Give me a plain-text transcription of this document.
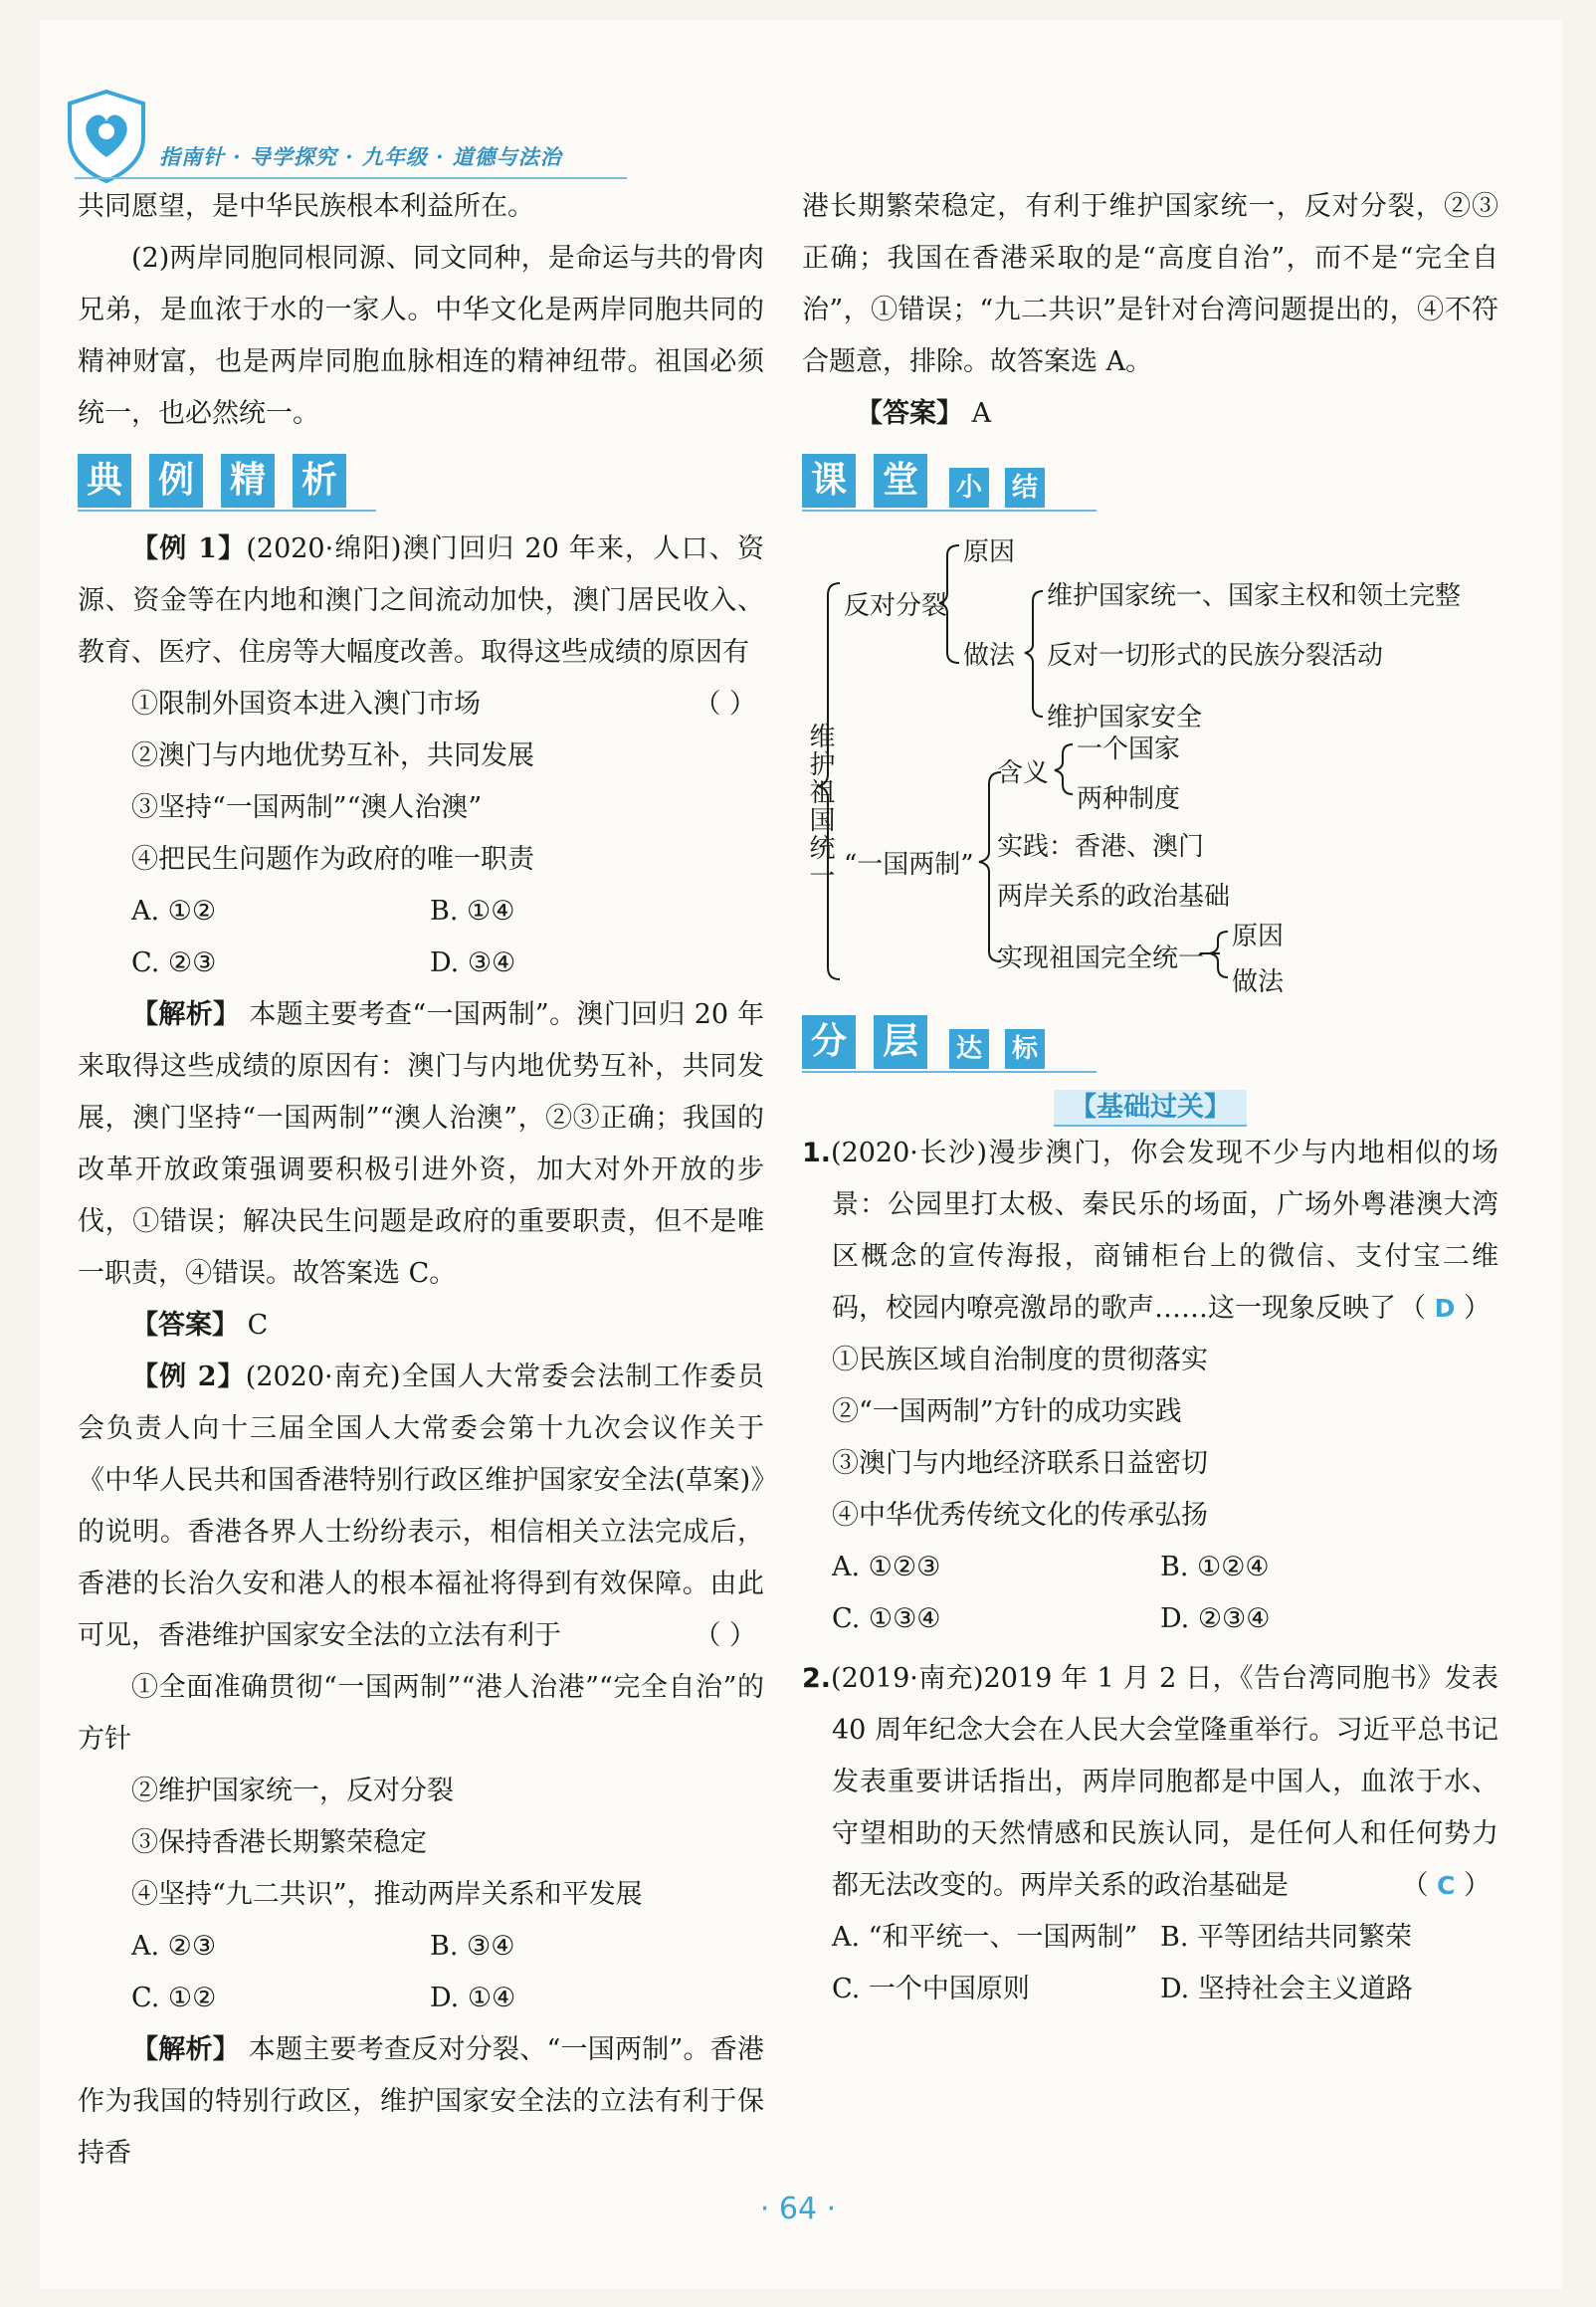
指南针 · 导学探究 · 九年级 · 道德与法治

共同愿望，是中华民族根本利益所在。

(2)两岸同胞同根同源、同文同种，是命运与共的骨肉兄弟，是血浓于水的一家人。中华文化是两岸同胞共同的精神财富，也是两岸同胞血脉相连的精神纽带。祖国必须统一，也必然统一。

典 例 精 析

【例 1】(2020·绵阳)澳门回归 20 年来，人口、资源、资金等在内地和澳门之间流动加快，澳门居民收入、教育、医疗、住房等大幅度改善。取得这些成绩的原因有
（ ）

①限制外国资本进入澳门市场

②澳门与内地优势互补，共同发展

③坚持“一国两制”“澳人治澳”

④把民生问题作为政府的唯一职责

A. ①②	B. ①④
C. ②③	D. ③④

【解析】 本题主要考查“一国两制”。澳门回归 20 年来取得这些成绩的原因有：澳门与内地优势互补，共同发展，澳门坚持“一国两制”“澳人治澳”，②③正确；我国的改革开放政策强调要积极引进外资，加大对外开放的步伐，①错误；解决民生问题是政府的重要职责，但不是唯一职责，④错误。故答案选 C。

【答案】 C

【例 2】(2020·南充)全国人大常委会法制工作委员会负责人向十三届全国人大常委会第十九次会议作关于《中华人民共和国香港特别行政区维护国家安全法(草案)》的说明。香港各界人士纷纷表示，相信相关立法完成后，香港的长治久安和港人的根本福祉将得到有效保障。由此可见，香港维护国家安全法的立法有利于	（ ）

①全面准确贯彻“一国两制”“港人治港”“完全自治”的方针

②维护国家统一，反对分裂

③保持香港长期繁荣稳定

④坚持“九二共识”，推动两岸关系和平发展

A. ②③	B. ③④
C. ①②	D. ①④

【解析】 本题主要考查反对分裂、“一国两制”。香港作为我国的特别行政区，维护国家安全法的立法有利于保持香

港长期繁荣稳定，有利于维护国家统一，反对分裂，②③正确；我国在香港采取的是“高度自治”，而不是“完全自治”，①错误；“九二共识”是针对台湾问题提出的，④不符合题意，排除。故答案选 A。

【答案】 A

课 堂	小 结
维护祖国统一
反对分裂
原因
做法
维护国家统一、国家主权和领土完整
反对一切形式的民族分裂活动
维护国家安全
“一国两制”
含义
一个国家
两种制度
实践：香港、澳门
两岸关系的政治基础
实现祖国完全统一
原因
做法
分 层	达 标
【基础过关】

1.(2020·长沙)漫步澳门，你会发现不少与内地相似的场景：公园里打太极、秦民乐的场面，广场外粤港澳大湾区概念的宣传海报，商铺柜台上的微信、支付宝二维码，校园内嘹亮激昂的歌声……这一现象反映了 （ D ）

①民族区域自治制度的贯彻落实

②“一国两制”方针的成功实践

③澳门与内地经济联系日益密切

④中华优秀传统文化的传承弘扬

A. ①②③	B. ①②④
C. ①③④	D. ②③④

2.(2019·南充)2019 年 1 月 2 日，《告台湾同胞书》发表 40 周年纪念大会在人民大会堂隆重举行。习近平总书记发表重要讲话指出，两岸同胞都是中国人，血浓于水、守望相助的天然情感和民族认同，是任何人和任何势力都无法改变的。两岸关系的政治基础是	（ C ）

A. “和平统一、一国两制” B. 平等团结共同繁荣
C. 一个中国原则	D. 坚持社会主义道路
· 64 ·
